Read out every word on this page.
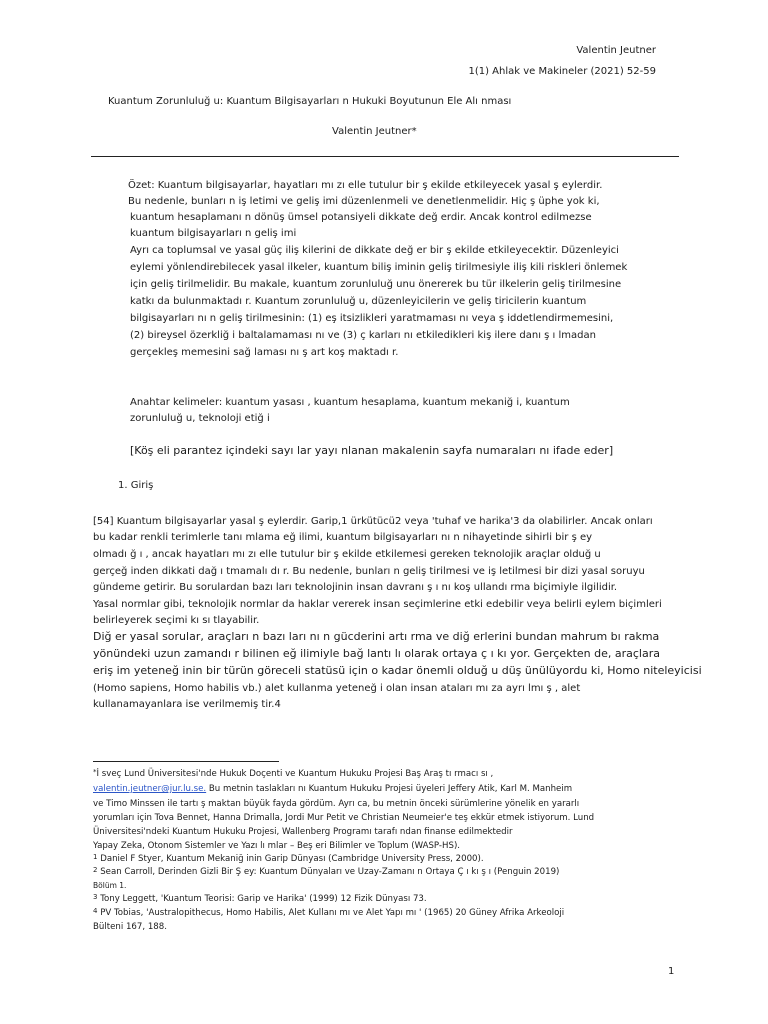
Valentin Jeutner

1(1) Ahlak ve Makineler (2021) 52-59

Kuantum Zorunluluğ u: Kuantum Bilgisayarları n Hukuki Boyutunun Ele Alı nması

Valentin Jeutner*

Özet: Kuantum bilgisayarlar, hayatları mı zı elle tutulur bir ş ekilde etkileyecek yasal ş eylerdir.

Bu nedenle, bunları n iş letimi ve geliş imi düzenlenmeli ve denetlenmelidir. Hiç ş üphe yok ki,

kuantum hesaplamanı n dönüş ümsel potansiyeli dikkate değ erdir. Ancak kontrol edilmezse

kuantum bilgisayarları n geliş imi

Ayrı ca toplumsal ve yasal güç iliş kilerini de dikkate değ er bir ş ekilde etkileyecektir. Düzenleyici

eylemi yönlendirebilecek yasal ilkeler, kuantum biliş iminin geliş tirilmesiyle iliş kili riskleri önlemek

için geliş tirilmelidir. Bu makale, kuantum zorunluluğ unu önererek bu tür ilkelerin geliş tirilmesine

katkı da bulunmaktadı r. Kuantum zorunluluğ u, düzenleyicilerin ve geliş tiricilerin kuantum

bilgisayarları nı n geliş tirilmesinin: (1) eş itsizlikleri yaratmaması nı veya ş iddetlendirmemesini,

(2) bireysel özerkliğ i baltalamaması nı ve (3) ç karları nı etkiledikleri kiş ilere danı ş ı lmadan

gerçekleş memesini sağ laması nı ş art koş maktadı r.

Anahtar kelimeler: kuantum yasası , kuantum hesaplama, kuantum mekaniğ i, kuantum

zorunluluğ u, teknoloji etiğ i

[Köş eli parantez içindeki sayı lar yayı nlanan makalenin sayfa numaraları nı ifade eder]

1. Giriş

[54] Kuantum bilgisayarlar yasal ş eylerdir. Garip,1 ürkütücü2 veya 'tuhaf ve harika'3 da olabilirler. Ancak onları

bu kadar renkli terimlerle tanı mlama eğ ilimi, kuantum bilgisayarları nı n nihayetinde sihirli bir ş ey

olmadı ğ ı , ancak hayatları mı zı elle tutulur bir ş ekilde etkilemesi gereken teknolojik araçlar olduğ u

gerçeğ inden dikkati dağ ı tmamalı dı r. Bu nedenle, bunları n geliş tirilmesi ve iş letilmesi bir dizi yasal soruyu

gündeme getirir. Bu sorulardan bazı ları teknolojinin insan davranı ş ı nı koş ullandı rma biçimiyle ilgilidir.

Yasal normlar gibi, teknolojik normlar da haklar vererek insan seçimlerine etki edebilir veya belirli eylem biçimleri

belirleyerek seçimi kı sı tlayabilir.

Diğ er yasal sorular, araçları n bazı ları nı n gücderini artı rma ve diğ erlerini bundan mahrum bı rakma

yönündeki uzun zamandı r bilinen eğ ilimiyle bağ lantı lı olarak ortaya ç ı kı yor. Gerçekten de, araçlara

eriş im yeteneğ inin bir türün göreceli statüsü için o kadar önemli olduğ u düş ünülüyordu ki, Homo niteleyicisi

(Homo sapiens, Homo habilis vb.) alet kullanma yeteneğ i olan insan ataları mı za ayrı lmı ş , alet

kullanamayanlara ise verilmemiş tir.4

*İ sveç Lund Üniversitesi'nde Hukuk Doçenti ve Kuantum Hukuku Projesi Baş Araş tı rmacı sı ,

valentin.jeutner@jur.lu.se. Bu metnin taslakları nı Kuantum Hukuku Projesi üyeleri Jeffery Atik, Karl M. Manheim

ve Timo Minssen ile tartı ş maktan büyük fayda gördüm. Ayrı ca, bu metnin önceki sürümlerine yönelik en yararlı

yorumları için Tova Bennet, Hanna Drimalla, Jordi Mur Petit ve Christian Neumeier'e teş ekkür etmek istiyorum. Lund

Üniversitesi'ndeki Kuantum Hukuku Projesi, Wallenberg Programı tarafı ndan finanse edilmektedir

Yapay Zeka, Otonom Sistemler ve Yazı lı mlar – Beş eri Bilimler ve Toplum (WASP-HS).

$^1$ Daniel F Styer, Kuantum Mekaniğ inin Garip Dünyası (Cambridge University Press, 2000).

$^2$ Sean Carroll, Derinden Gizli Bir Ş ey: Kuantum Dünyaları ve Uzay-Zamanı n Ortaya Ç ı kı ş ı (Penguin 2019)

Bölüm 1.

$^3$ Tony Leggett, 'Kuantum Teorisi: Garip ve Harika' (1999) 12 Fizik Dünyası 73.

$^4$ PV Tobias, 'Australopithecus, Homo Habilis, Alet Kullanı mı ve Alet Yapı mı ' (1965) 20 Güney Afrika Arkeoloji

Bülteni 167, 188.

1
